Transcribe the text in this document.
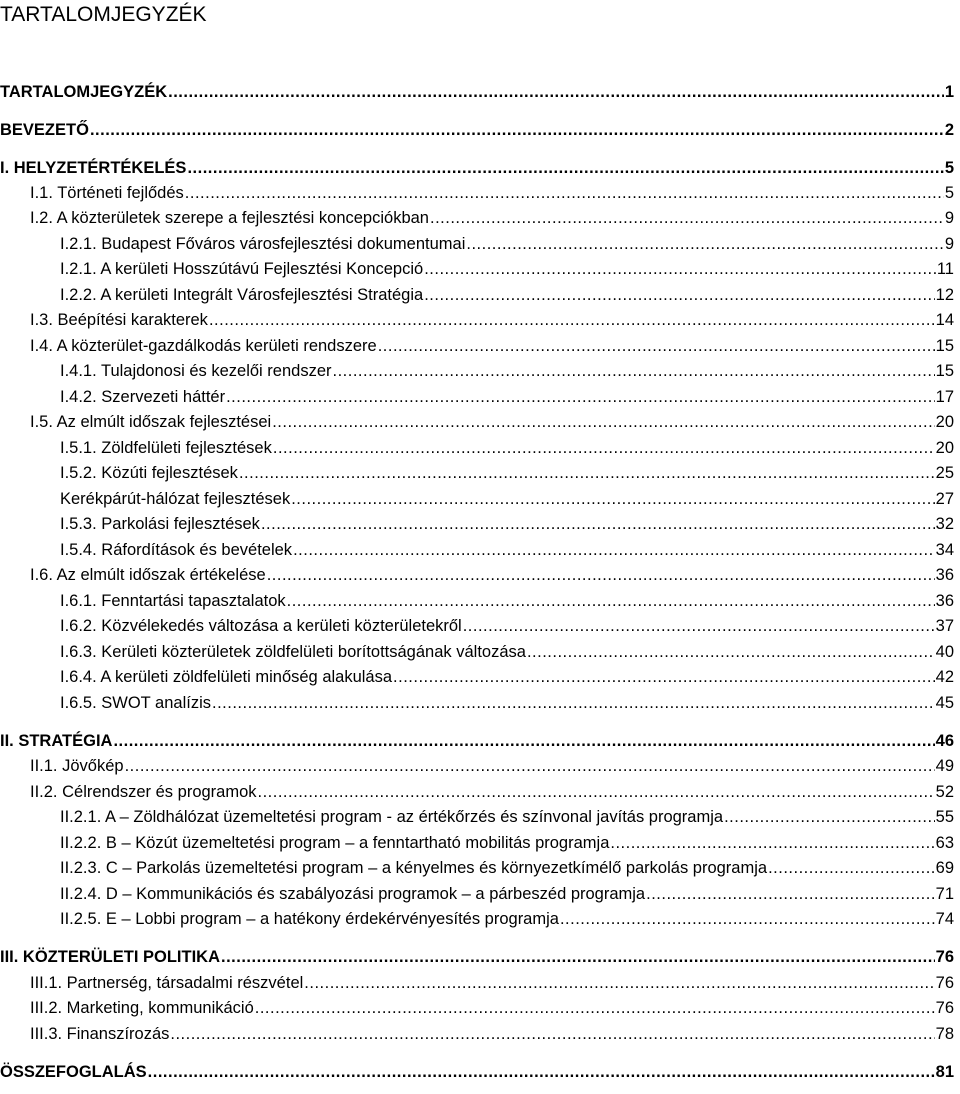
TARTALOMJEGYZÉK
TARTALOMJEGYZÉK .....	1
BEVEZETŐ .....	2
I. HELYZETÉRTÉKELÉS .....	5
I.1. Történeti fejlődés .....	5
I.2. A közterületek szerepe a fejlesztési koncepciókban .....	9
I.2.1. Budapest Főváros városfejlesztési dokumentumai .....	9
I.2.1. A kerületi Hosszútávú Fejlesztési Koncepció .....	11
I.2.2. A kerületi Integrált Városfejlesztési Stratégia .....	12
I.3. Beépítési karakterek .....	14
I.4. A közterület-gazdálkodás kerületi rendszere .....	15
I.4.1. Tulajdonosi és kezelői rendszer .....	15
I.4.2. Szervezeti háttér .....	17
I.5. Az elmúlt időszak fejlesztései .....	20
I.5.1. Zöldfelületi fejlesztések .....	20
I.5.2. Közúti fejlesztések .....	25
Kerékpárút-hálózat fejlesztések .....	27
I.5.3. Parkolási fejlesztések .....	32
I.5.4. Ráfordítások és bevételek .....	34
I.6. Az elmúlt időszak értékelése .....	36
I.6.1. Fenntartási tapasztalatok .....	36
I.6.2. Közvélekedés változása a kerületi közterületekről .....	37
I.6.3. Kerületi közterületek zöldfelületi borítottságának változása .....	40
I.6.4. A kerületi zöldfelületi minőség alakulása .....	42
I.6.5. SWOT analízis .....	45
II. STRATÉGIA .....	46
II.1. Jövőkép .....	49
II.2. Célrendszer és programok .....	52
II.2.1. A – Zöldhálózat üzemeltetési program - az értékőrzés és színvonal javítás programja .....	55
II.2.2. B – Közút üzemeltetési program – a fenntartható mobilitás programja .....	63
II.2.3. C – Parkolás üzemeltetési program – a kényelmes és környezetkímélő parkolás programja .....	69
II.2.4. D – Kommunikációs és szabályozási programok – a párbeszéd programja .....	71
II.2.5. E – Lobbi program – a hatékony érdekérvényesítés programja .....	74
III. KÖZTERÜLETI POLITIKA .....	76
III.1. Partnerség, társadalmi részvétel .....	76
III.2. Marketing, kommunikáció .....	76
III.3. Finanszírozás .....	78
ÖSSZEFOGLALÁS .....	81
